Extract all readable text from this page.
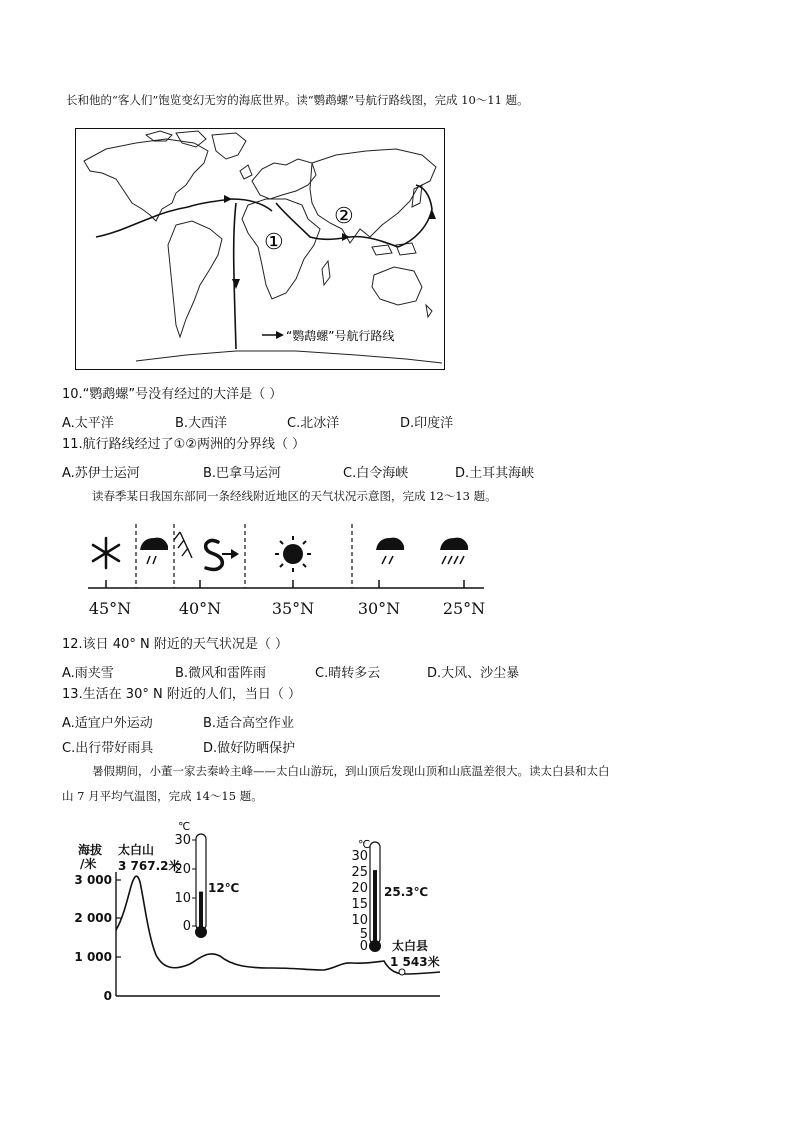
长和他的“客人们”饱览变幻无穷的海底世界。读“鹦鹉螺”号航行路线图，完成 10～11 题。
①
②
“鹦鹉螺”号航行路线
10.“鹦鹉螺”号没有经过的大洋是（ ）
A.太平洋	B.大西洋	C.北冰洋	D.印度洋
11.航行路线经过了①②两洲的分界线（ ）
A.苏伊士运河	B.巴拿马运河	C.白令海峡	D.土耳其海峡
读春季某日我国东部同一条经线附近地区的天气状况示意图，完成 12～13 题。
45°N	40°N	35°N	30°N	25°N
12.该日 40° N 附近的天气状况是（ ）
A.雨夹雪	B.微风和雷阵雨	C.晴转多云	D.大风、沙尘暴
13.生活在 30° N 附近的人们，当日（ ）
A.适宜户外运动	B.适合高空作业
C.出行带好雨具	D.做好防晒保护
暑假期间，小董一家去秦岭主峰——太白山游玩，到山顶后发现山顶和山底温差很大。读太白县和太白
山 7 月平均气温图，完成 14～15 题。
3 000
2 000
1 000
0
海拔
/米
太白山
3 767.2米
太白县
1 543米
30
20
10
0
℃
12℃
30
25
20
15
10
5
0
℃
25.3℃
